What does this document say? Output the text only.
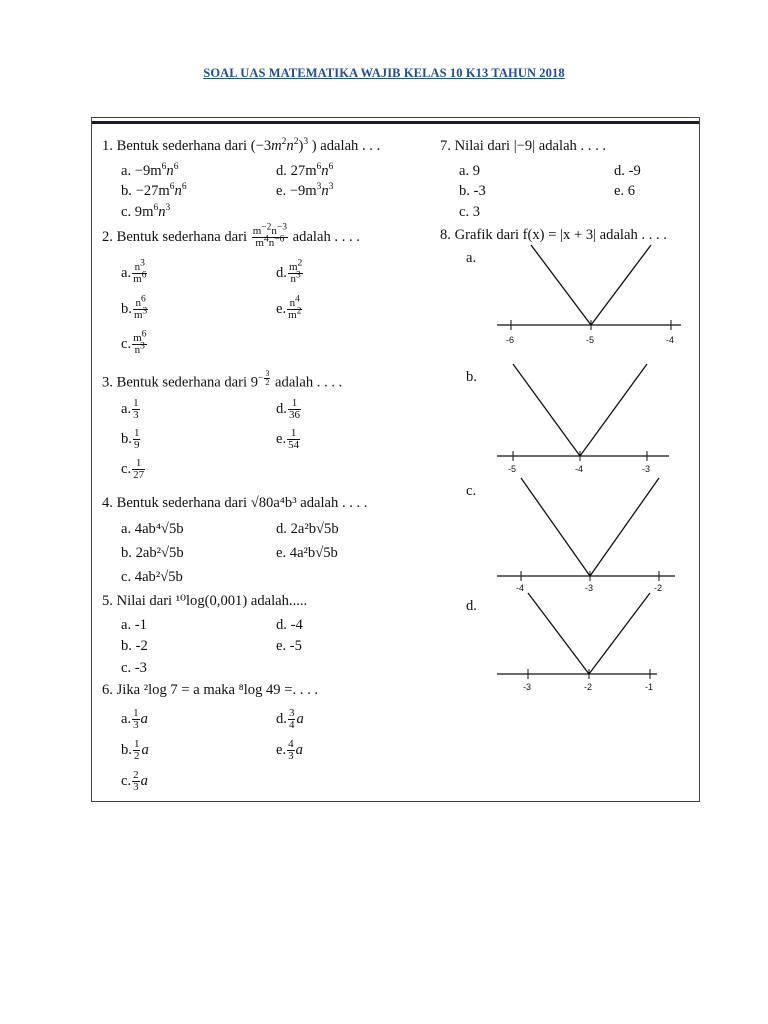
SOAL UAS MATEMATIKA WAJIB KELAS 10 K13 TAHUN 2018
1. Bentuk sederhana dari $(-3m^2n^2)^3$ ) adalah . . .
a. $-9m^6n^6$
b. $-27m^6n^6$
c. $9m^6n^3$
d. $27m^6n^6$
e. $-9m^3n^3$
2. Bentuk sederhana dari $\frac{m^{-2}n^{-3}}{m^4n^{-6}}$ adalah . . . .
a. $\frac{n^3}{m^6}$
b. $\frac{n^6}{m^3}$
c. $\frac{m^6}{n^3}$
d. $\frac{m^2}{n^3}$
e. $\frac{n^4}{m^2}$
3. Bentuk sederhana dari $9^{- \frac{3}{2}}$ adalah . . . .
a. $\frac{1}{3}$
b. $\frac{1}{9}$
c. $\frac{1}{27}$
d. $\frac{1}{36}$
e. $\frac{1}{54}$
4. Bentuk sederhana dari √80a⁴b³ adalah . . . .
a. 4ab⁴√5b
b. 2ab²√5b
c. 4ab²√5b
d. 2a²b√5b
e. 4a²b√5b
5. Nilai dari ¹⁰log(0,001) adalah.....
a. -1
b. -2
c. -3
d. -4
e. -5
6. Jika ²log 7 = a maka ⁸log 49 =. . . .
a. $\frac{1}{3}$ a
b. $\frac{1}{2}$ a
c. $\frac{2}{3}$ a
d. $\frac{3}{4}$ a
e. $\frac{4}{3}$ a
7. Nilai dari |−9| adalah . . . .
a. 9
b. -3
c. 3
d. -9
e. 6
8. Grafik dari f(x) = |x + 3| adalah . . . .
a.
-6	-5	-4
b.
-5	-4	-3
c.
-4	-3	-2
d.
-3	-2	-1
